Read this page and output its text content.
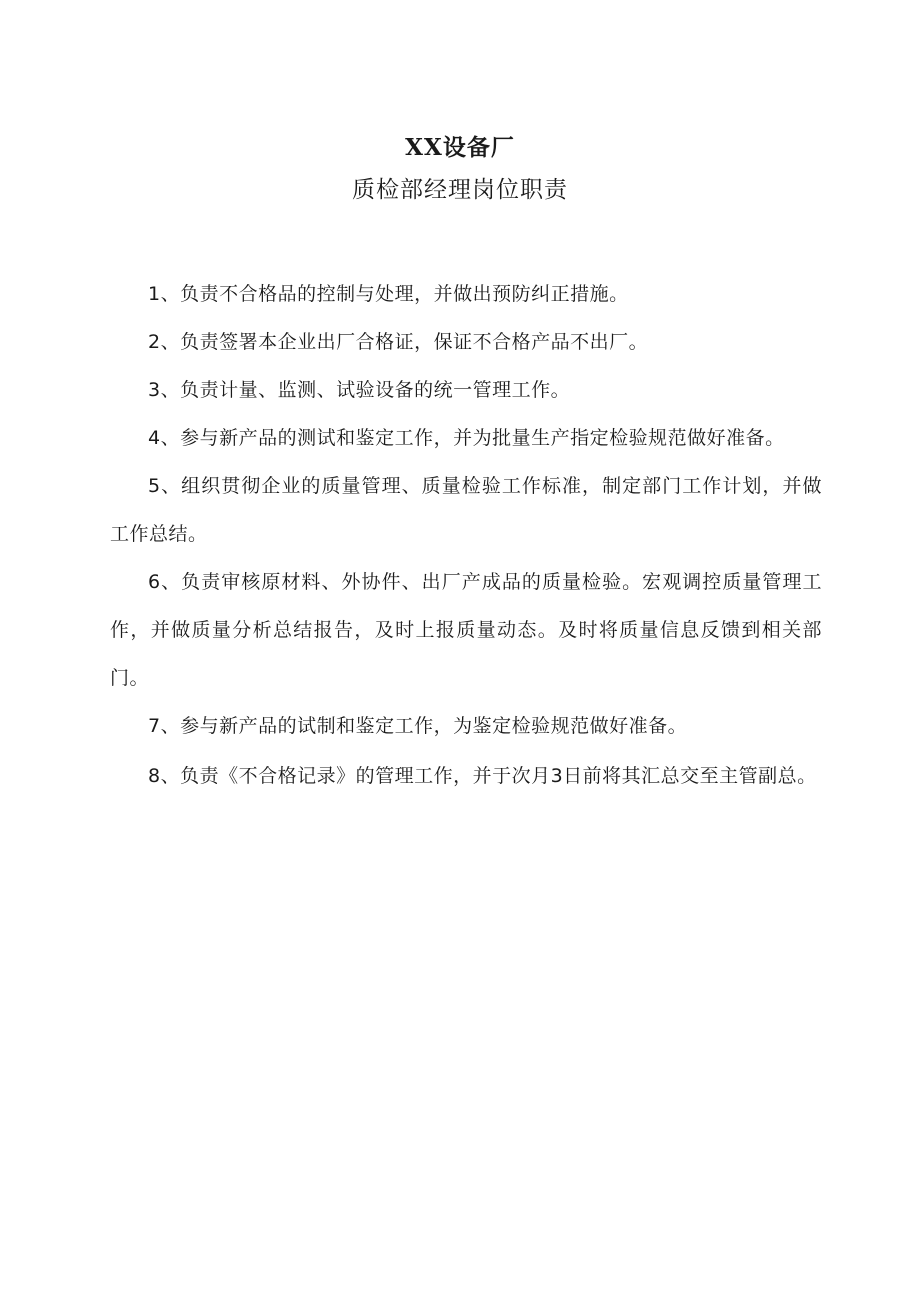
XX设备厂
质检部经理岗位职责

1、负责不合格品的控制与处理，并做出预防纠正措施。

2、负责签署本企业出厂合格证，保证不合格产品不出厂。

3、负责计量、监测、试验设备的统一管理工作。

4、参与新产品的测试和鉴定工作，并为批量生产指定检验规范做好准备。

5、组织贯彻企业的质量管理、质量检验工作标准，制定部门工作计划，并做工作总结。

6、负责审核原材料、外协件、出厂产成品的质量检验。宏观调控质量管理工作，并做质量分析总结报告，及时上报质量动态。及时将质量信息反馈到相关部门。

7、参与新产品的试制和鉴定工作，为鉴定检验规范做好准备。

8、负责《不合格记录》的管理工作，并于次月3日前将其汇总交至主管副总。
